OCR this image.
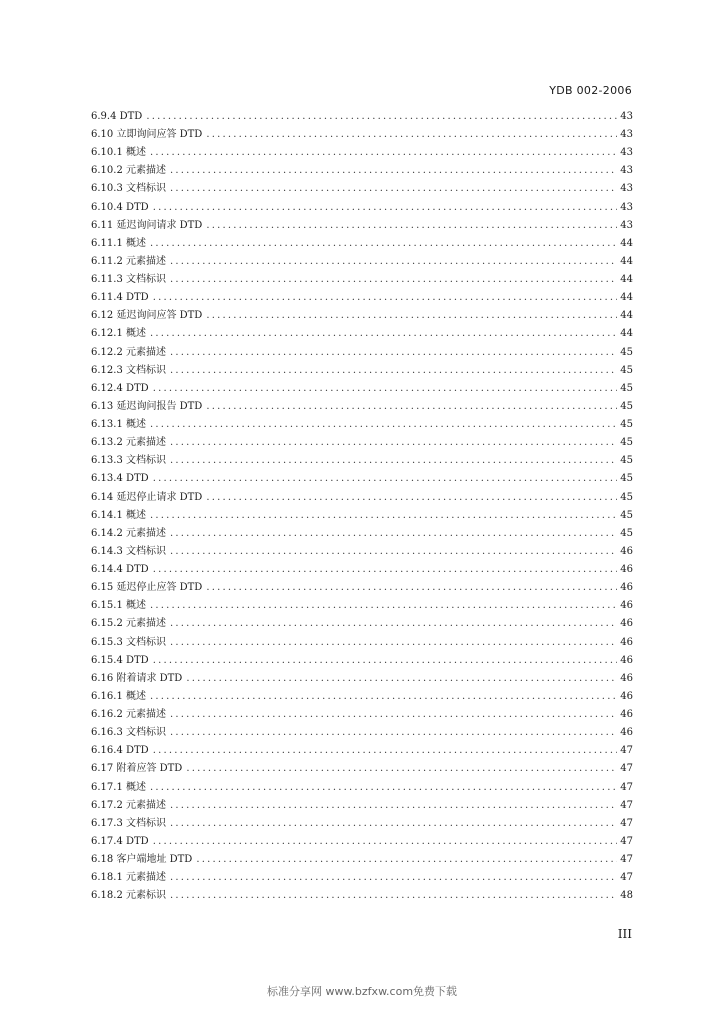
YDB 002-2006
6.9.4 DTD .....	43
6.10 立即询问应答 DTD .....	43
6.10.1 概述 .....	43
6.10.2 元素描述 .....	43
6.10.3 文档标识 .....	43
6.10.4 DTD .....	43
6.11 延迟询问请求 DTD .....	43
6.11.1 概述 .....	44
6.11.2 元素描述 .....	44
6.11.3 文档标识 .....	44
6.11.4 DTD .....	44
6.12 延迟询问应答 DTD .....	44
6.12.1 概述 .....	44
6.12.2 元素描述 .....	45
6.12.3 文档标识 .....	45
6.12.4 DTD .....	45
6.13 延迟询问报告 DTD .....	45
6.13.1 概述 .....	45
6.13.2 元素描述 .....	45
6.13.3 文档标识 .....	45
6.13.4 DTD .....	45
6.14 延迟停止请求 DTD .....	45
6.14.1 概述 .....	45
6.14.2 元素描述 .....	45
6.14.3 文档标识 .....	46
6.14.4 DTD .....	46
6.15 延迟停止应答 DTD .....	46
6.15.1 概述 .....	46
6.15.2 元素描述 .....	46
6.15.3 文档标识 .....	46
6.15.4 DTD .....	46
6.16 附着请求 DTD .....	46
6.16.1 概述 .....	46
6.16.2 元素描述 .....	46
6.16.3 文档标识 .....	46
6.16.4 DTD .....	47
6.17 附着应答 DTD .....	47
6.17.1 概述 .....	47
6.17.2 元素描述 .....	47
6.17.3 文档标识 .....	47
6.17.4 DTD .....	47
6.18 客户端地址 DTD .....	47
6.18.1 元素描述 .....	47
6.18.2 元素标识 .....	48
III
标准分享网 www.bzfxw.com免费下载
